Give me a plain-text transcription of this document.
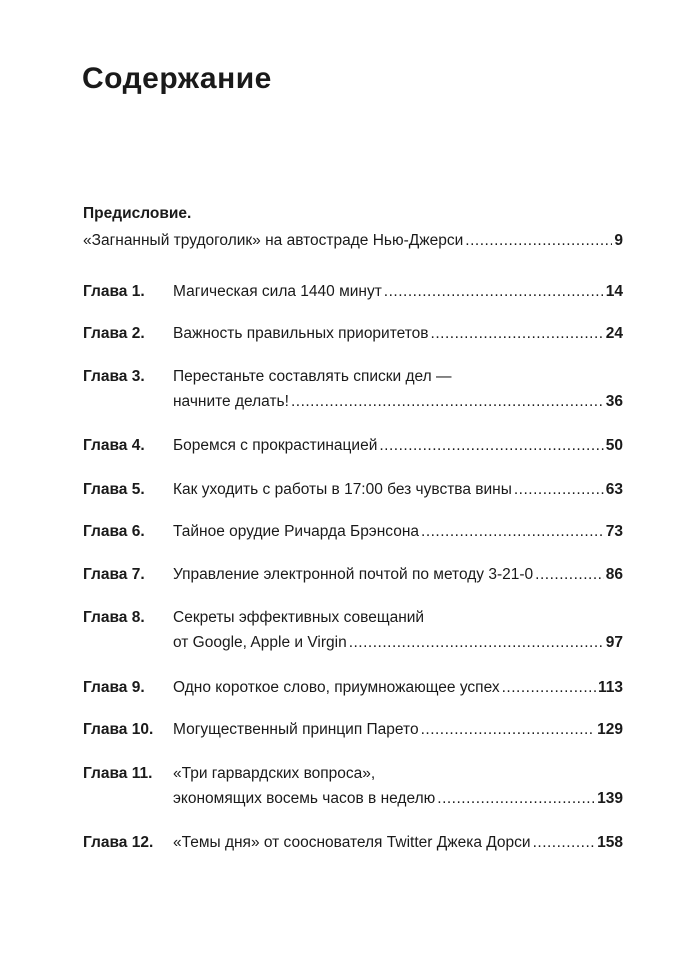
Содержание
Предисловие.
«Загнанный трудоголик» на автостраде Нью-Джерси .....	9
Глава 1.	Магическая сила 1440 минут .....	14
Глава 2.	Важность правильных приоритетов .....	24
Глава 3.	Перестаньте составлять списки дел —
начните делать! .....	36
Глава 4.	Боремся с прокрастинацией .....	50
Глава 5.	Как уходить с работы в 17:00 без чувства вины .....	63
Глава 6.	Тайное орудие Ричарда Брэнсона .....	73
Глава 7.	Управление электронной почтой по методу 3-21-0 .....	86
Глава 8.	Секреты эффективных совещаний
от Google, Apple и Virgin .....	97
Глава 9.	Одно короткое слово, приумножающее успех .....	113
Глава 10.	Могущественный принцип Парето .....	129
Глава 11.	«Три гарвардских вопроса»,
экономящих восемь часов в неделю .....	139
Глава 12.	«Темы дня» от сооснователя Twitter Джека Дорси .....	158
